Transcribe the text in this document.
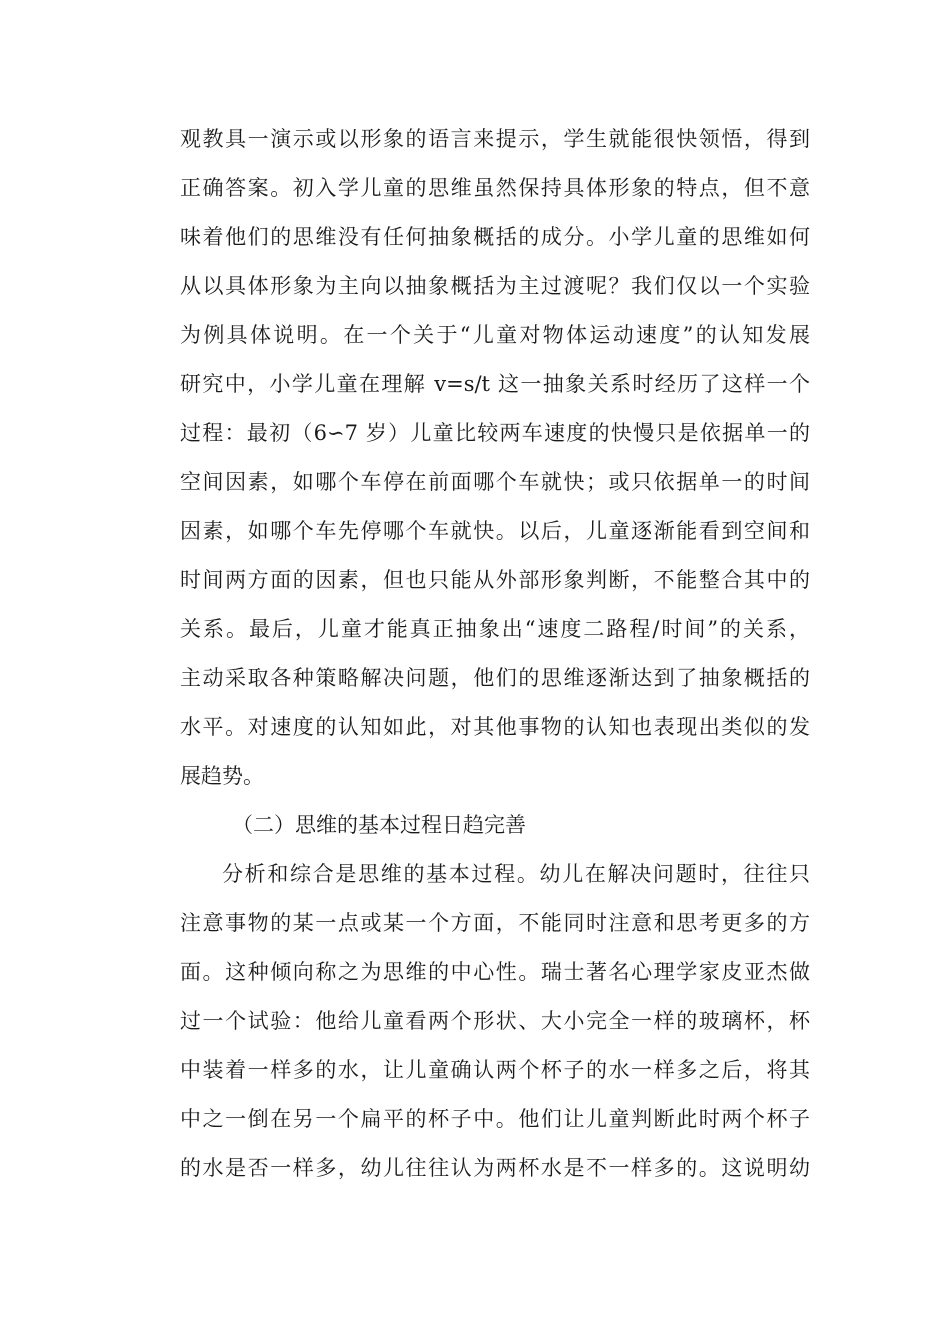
观教具一演示或以形象的语言来提示，学生就能很快领悟，得到
正确答案。初入学儿童的思维虽然保持具体形象的特点，但不意
味着他们的思维没有任何抽象概括的成分。小学儿童的思维如何
从以具体形象为主向以抽象概括为主过渡呢？我们仅以一个实验
为例具体说明。在一个关于“儿童对物体运动速度”的认知发展
研究中，小学儿童在理解 v=s/t 这一抽象关系时经历了这样一个
过程：最初（6∽7 岁）儿童比较两车速度的快慢只是依据单一的
空间因素，如哪个车停在前面哪个车就快；或只依据单一的时间
因素，如哪个车先停哪个车就快。以后，儿童逐渐能看到空间和
时间两方面的因素，但也只能从外部形象判断，不能整合其中的
关系。最后，儿童才能真正抽象出“速度二路程/时间”的关系，
主动采取各种策略解决问题，他们的思维逐渐达到了抽象概括的
水平。对速度的认知如此，对其他事物的认知也表现出类似的发
展趋势。
（二）思维的基本过程日趋完善
分析和综合是思维的基本过程。幼儿在解决问题时，往往只
注意事物的某一点或某一个方面，不能同时注意和思考更多的方
面。这种倾向称之为思维的中心性。瑞士著名心理学家皮亚杰做
过一个试验：他给儿童看两个形状、大小完全一样的玻璃杯，杯
中装着一样多的水，让儿童确认两个杯子的水一样多之后，将其
中之一倒在另一个扁平的杯子中。他们让儿童判断此时两个杯子
的水是否一样多，幼儿往往认为两杯水是不一样多的。这说明幼
